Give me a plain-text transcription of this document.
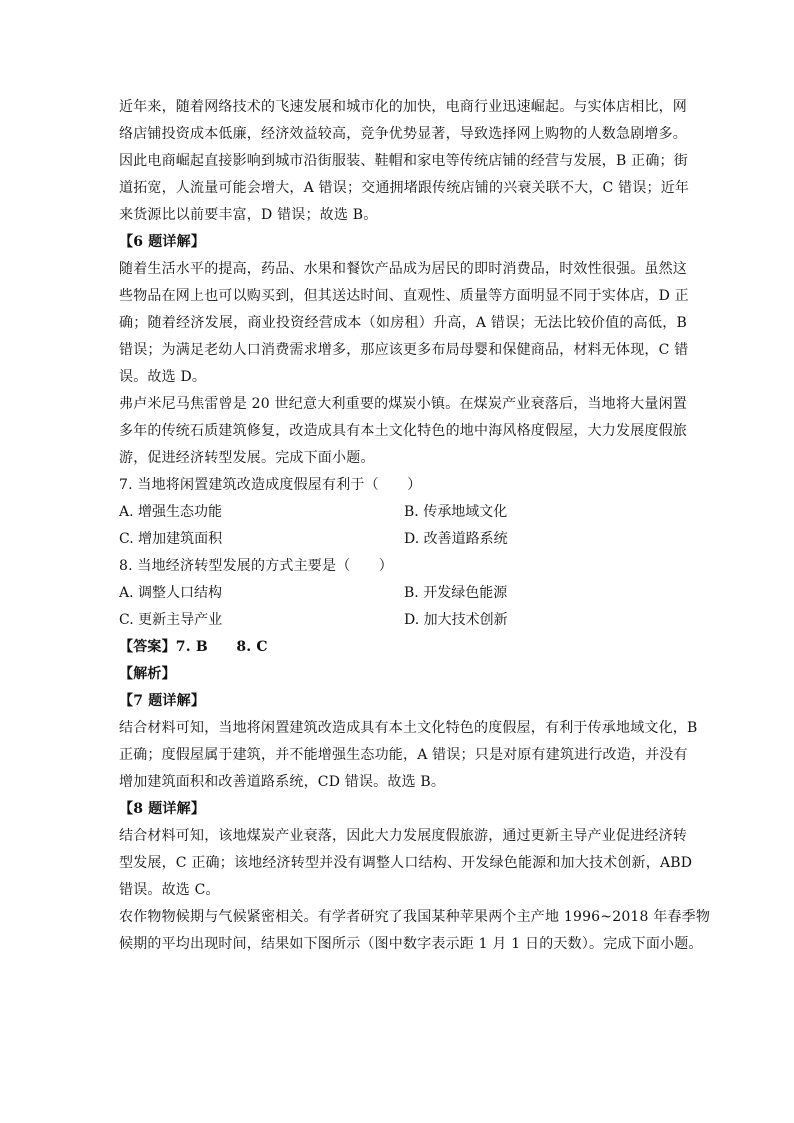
近年来，随着网络技术的飞速发展和城市化的加快，电商行业迅速崛起。与实体店相比，网
络店铺投资成本低廉，经济效益较高，竞争优势显著，导致选择网上购物的人数急剧增多。
因此电商崛起直接影响到城市沿街服装、鞋帽和家电等传统店铺的经营与发展，B 正确；街
道拓宽，人流量可能会增大，A 错误；交通拥堵跟传统店铺的兴衰关联不大，C 错误；近年
来货源比以前要丰富，D 错误；故选 B。
【6 题详解】
随着生活水平的提高，药品、水果和餐饮产品成为居民的即时消费品，时效性很强。虽然这
些物品在网上也可以购买到，但其送达时间、直观性、质量等方面明显不同于实体店，D 正
确；随着经济发展，商业投资经营成本（如房租）升高，A 错误；无法比较价值的高低，B
错误；为满足老幼人口消费需求增多，那应该更多布局母婴和保健商品，材料无体现，C 错
误。故选 D。
弗卢米尼马焦雷曾是 20 世纪意大利重要的煤炭小镇。在煤炭产业衰落后，当地将大量闲置
多年的传统石质建筑修复，改造成具有本土文化特色的地中海风格度假屋，大力发展度假旅
游，促进经济转型发展。完成下面小题。
7. 当地将闲置建筑改造成度假屋有利于（　　）
A. 增强生态功能	B. 传承地域文化
C. 增加建筑面积	D. 改善道路系统
8. 当地经济转型发展的方式主要是（　　）
A. 调整人口结构	B. 开发绿色能源
C. 更新主导产业	D. 加大技术创新
【答案】7. B　　8. C
【解析】
【7 题详解】
结合材料可知，当地将闲置建筑改造成具有本土文化特色的度假屋，有利于传承地域文化，B
正确；度假屋属于建筑，并不能增强生态功能，A 错误；只是对原有建筑进行改造，并没有
增加建筑面积和改善道路系统，CD 错误。故选 B。
【8 题详解】
结合材料可知，该地煤炭产业衰落，因此大力发展度假旅游，通过更新主导产业促进经济转
型发展，C 正确；该地经济转型并没有调整人口结构、开发绿色能源和加大技术创新，ABD
错误。故选 C。
农作物物候期与气候紧密相关。有学者研究了我国某种苹果两个主产地 1996~2018 年春季物
候期的平均出现时间，结果如下图所示（图中数字表示距 1 月 1 日的天数）。完成下面小题。
